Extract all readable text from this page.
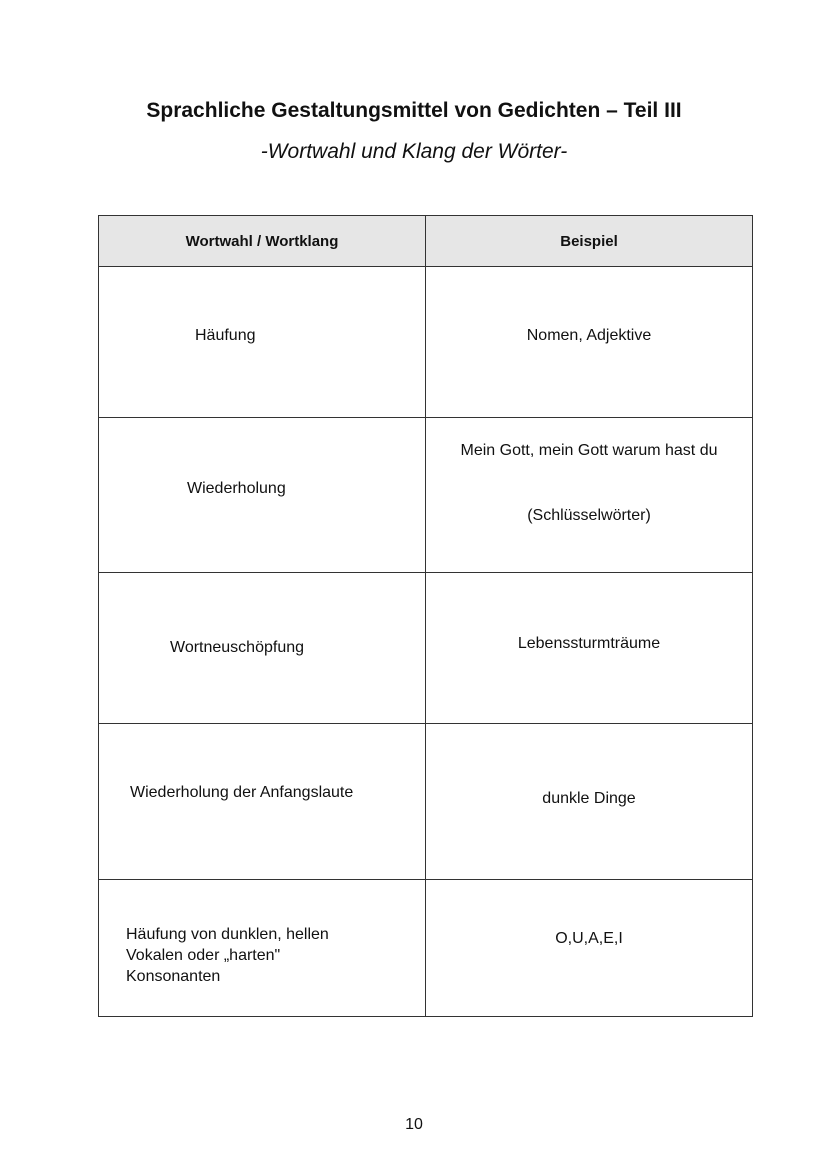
Sprachliche Gestaltungsmittel von Gedichten – Teil III
-Wortwahl und Klang der Wörter-
Wortwahl / Wortklang	Beispiel

Häufung	Nomen, Adjektive

Wiederholung	Mein Gott, mein Gott warum hast du
(Schlüsselwörter)

Wortneuschöpfung	Lebenssturmträume

Wiederholung der Anfangslaute	dunkle Dinge

Häufung von dunklen, hellen
Vokalen oder „harten"
Konsonanten	O,U,A,E,I
10
